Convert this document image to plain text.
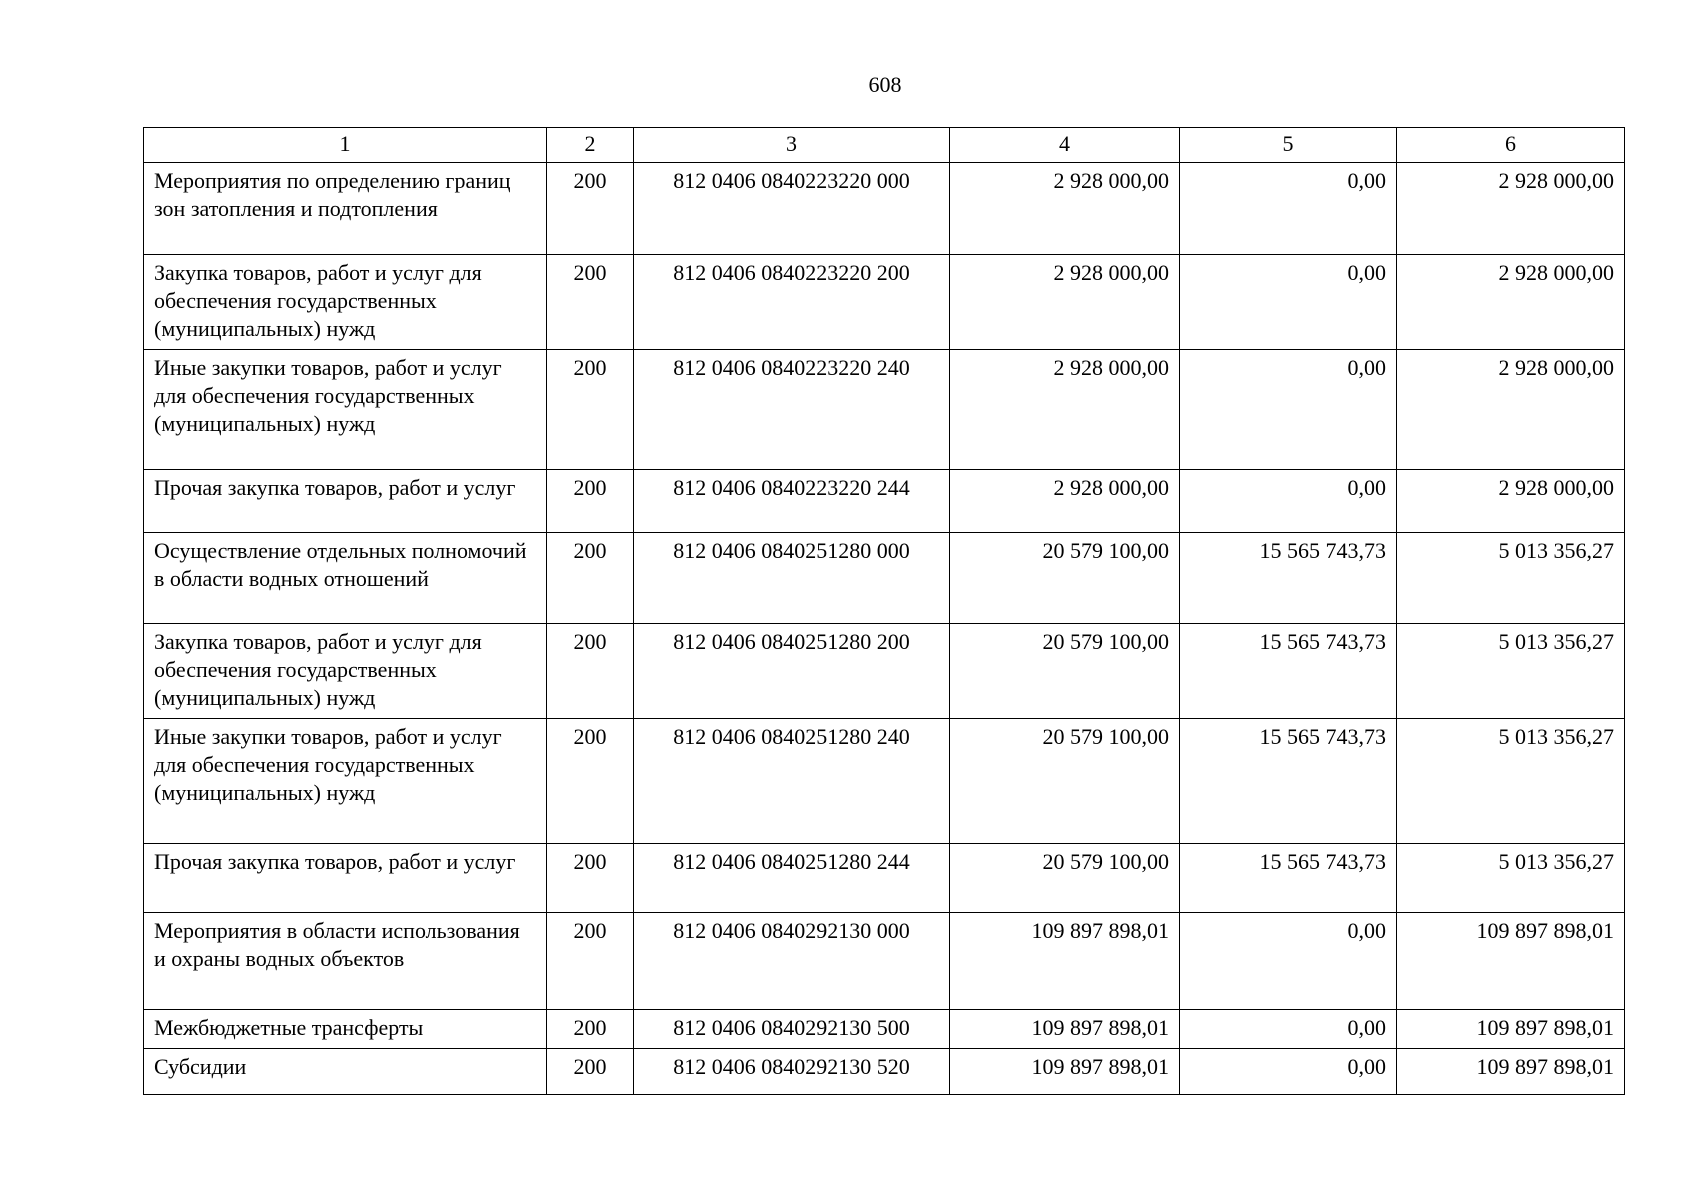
608
1	2	3	4	5	6
Мероприятия по определению границ зон затопления и подтопления	200	812 0406 0840223220 000	2 928 000,00	0,00	2 928 000,00
Закупка товаров, работ и услуг для обеспечения государственных (муниципальных) нужд	200	812 0406 0840223220 200	2 928 000,00	0,00	2 928 000,00
Иные закупки товаров, работ и услуг для обеспечения государственных (муниципальных) нужд	200	812 0406 0840223220 240	2 928 000,00	0,00	2 928 000,00
Прочая закупка товаров, работ и услуг	200	812 0406 0840223220 244	2 928 000,00	0,00	2 928 000,00
Осуществление отдельных полномочий в области водных отношений	200	812 0406 0840251280 000	20 579 100,00	15 565 743,73	5 013 356,27
Закупка товаров, работ и услуг для обеспечения государственных (муниципальных) нужд	200	812 0406 0840251280 200	20 579 100,00	15 565 743,73	5 013 356,27
Иные закупки товаров, работ и услуг для обеспечения государственных (муниципальных) нужд	200	812 0406 0840251280 240	20 579 100,00	15 565 743,73	5 013 356,27
Прочая закупка товаров, работ и услуг	200	812 0406 0840251280 244	20 579 100,00	15 565 743,73	5 013 356,27
Мероприятия в области использования и охраны водных объектов	200	812 0406 0840292130 000	109 897 898,01	0,00	109 897 898,01
Межбюджетные трансферты	200	812 0406 0840292130 500	109 897 898,01	0,00	109 897 898,01
Субсидии	200	812 0406 0840292130 520	109 897 898,01	0,00	109 897 898,01
